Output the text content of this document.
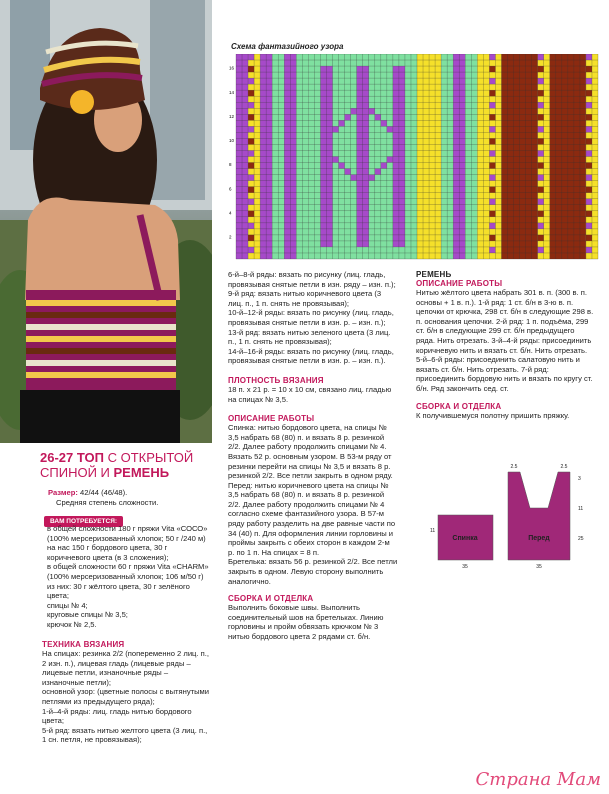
Схема фантазийного узора
16
14
12
10
8
6
4
2
26-27 ТОП С ОТКРЫТОЙ СПИНОЙ И РЕМЕНЬ
Размер: 42/44 (46/48).
Средняя степень сложности.
ВАМ ПОТРЕБУЕТСЯ:
в общей сложности 180 г пряжи Vita «СОСО» (100% мерсеризованный хлопок; 50 г /240 м) на нас 150 г бордового цвета, 30 г коричневого цвета (в 3 сложения);
в общей сложности 60 г пряжи Vita «CHARM» (100% мерсеризованный хлопок; 106 м/50 г) из них: 30 г жёлтого цвета, 30 г зелёного цвета;
спицы № 4;
круговые спицы № 3,5;
крючок № 2,5.
ТЕХНИКА ВЯЗАНИЯ
На спицах: резинка 2/2 (попеременно 2 лиц. п., 2 изн. п.), лицевая гладь (лицевые ряды – лицевые петли, изнаночные ряды – изнаночные петли);
основной узор: (цветные полосы с вытянутыми петлями из предыдущего ряда);
1-й–4-й ряды: лиц. гладь нитью бордового цвета;
5-й ряд: вязать нитью желтого цвета (3 лиц. п., 1 сн. петля, не провязывая);
6-й–8-й ряды: вязать по рисунку (лиц. гладь, провязывая снятые петли в изн. ряду – изн. п.);
9-й ряд: вязать нитью коричневого цвета (3 лиц. п., 1 п. снять не провязывая);
10-й–12-й ряды: вязать по рисунку (лиц. гладь, провязывая снятые петли в изн. р. – изн. п.);
13-й ряд: вязать нитью зеленого цвета (3 лиц. п., 1 п. снять не провязывая);
14-й–16-й ряды: вязать по рисунку (лиц. гладь, провязывая снятые петли в изн. р. – изн. п.).
ПЛОТНОСТЬ ВЯЗАНИЯ
18 п. х 21 р. = 10 х 10 см, связано лиц. гладью на спицах № 3,5.
ОПИСАНИЕ РАБОТЫ
Спинка: нитью бордового цвета, на спицы № 3,5 набрать 68 (80) п. и вязать 8 р. резинкой 2/2. Далее работу продолжить спицами № 4. Вязать 52 р. основным узором. В 53-м ряду от резинки перейти на спицы № 3,5 и вязать 8 р. резинкой 2/2. Все петли закрыть в одном ряду.
Перед: нитью коричневого цвета на спицы № 3,5 набрать 68 (80) п. и вязать 8 р. резинкой 2/2. Далее работу продолжить спицами № 4 согласно схеме фантазийного узора. В 57-м ряду работу разделить на две равные части по 34 (40) п. Для оформления линии горловины и проймы закрыть с обеих сторон в каждом 2-м р. по 1 п. На спицах = 8 п.
Бретелька: вязать 56 р. резинкой 2/2. Все петли закрыть в одном. Левую сторону выполнить аналогично.
СБОРКА И ОТДЕЛКА
Выполнить боковые швы. Выполнить соединительный шов на бретельках. Линию горловины и пройм обвязать крючком № 3 нитью бордового цвета 2 рядами ст. б/н.
РЕМЕНЬ
ОПИСАНИЕ РАБОТЫ
Нитью жёлтого цвета набрать 301 в. п. (300 в. п. основы + 1 в. п.). 1-й ряд: 1 ст. б/н в 3-ю в. п. цепочки от крючка, 298 ст. б/н в следующие 298 в. п. основания цепочки. 2-й ряд: 1 п. подъёма, 299 ст. б/н в следующие 299 ст. б/н предыдущего ряда. Нить отрезать. 3-й–4-й ряды: присоединить коричневую нить и вязать ст. б/н. Нить отрезать. 5-й–6-й ряды: присоединить салатовую нить и вязать ст. б/н. Нить отрезать. 7-й ряд: присоединить бордовую нить и вязать по кругу ст. б/н. Ряд закончить сед. ст.
СБОРКА И ОТДЕЛКА
К получившемуся полотну пришить пряжку.
Спинка	Перед
2.5	2.5
3
11
11
25
35	35
Страна Мам
